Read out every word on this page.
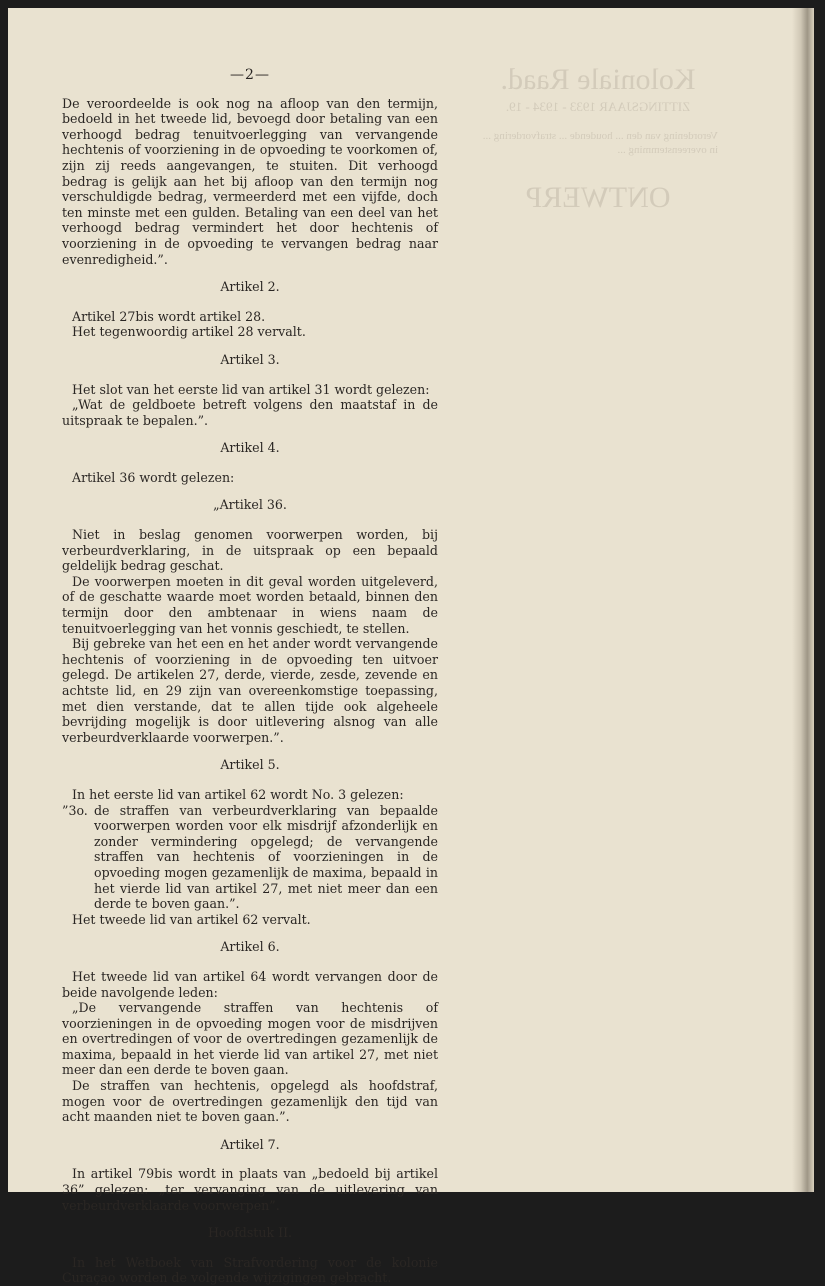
Koloniale Raad.
ZITTINGSJAAR 1933 - 1934 - 19.
Verordening van den ... houdende ... strafvordering ... in overeenstemming ...
ONTWERP
—2—

De veroordeelde is ook nog na afloop van den termijn, bedoeld in het tweede lid, bevoegd door betaling van een verhoogd bedrag tenuitvoerlegging van vervangende hechtenis of voorziening in de opvoeding te voorkomen of, zijn zij reeds aangevangen, te stuiten. Dit verhoogd bedrag is gelijk aan het bij afloop van den termijn nog verschuldigde bedrag, vermeerderd met een vijfde, doch ten minste met een gulden. Betaling van een deel van het verhoogd bedrag vermindert het door hechtenis of voorziening in de opvoeding te vervangen bedrag naar evenredigheid.”.

Artikel 2.

Artikel 27bis wordt artikel 28.

Het tegenwoordig artikel 28 vervalt.

Artikel 3.

Het slot van het eerste lid van artikel 31 wordt gelezen:

„Wat de geldboete betreft volgens den maatstaf in de uitspraak te bepalen.”.

Artikel 4.

Artikel 36 wordt gelezen:

„Artikel 36.

Niet in beslag genomen voorwerpen worden, bij verbeurdverklaring, in de uitspraak op een bepaald geldelijk bedrag geschat.

De voorwerpen moeten in dit geval worden uitgeleverd, of de geschatte waarde moet worden betaald, binnen den termijn door den ambtenaar in wiens naam de tenuitvoerlegging van het vonnis geschiedt, te stellen.

Bij gebreke van het een en het ander wordt vervangende hechtenis of voorziening in de opvoeding ten uitvoer gelegd. De artikelen 27, derde, vierde, zesde, zevende en achtste lid, en 29 zijn van overeenkomstige toepassing, met dien verstande, dat te allen tijde ook algeheele bevrijding mogelijk is door uitlevering alsnog van alle verbeurdverklaarde voorwerpen.”.

Artikel 5.

In het eerste lid van artikel 62 wordt No. 3 gelezen:

”3o. de straffen van verbeurdverklaring van bepaalde voorwerpen worden voor elk misdrijf afzonderlijk en zonder vermindering opgelegd; de vervangende straffen van hechtenis of voorzieningen in de opvoeding mogen gezamenlijk de maxima, bepaald in het vierde lid van artikel 27, met niet meer dan een derde te boven gaan.”.

Het tweede lid van artikel 62 vervalt.

Artikel 6.

Het tweede lid van artikel 64 wordt vervangen door de beide navolgende leden:

„De vervangende straffen van hechtenis of voorzieningen in de opvoeding mogen voor de misdrijven en overtredingen of voor de overtredingen gezamenlijk de maxima, bepaald in het vierde lid van artikel 27, met niet meer dan een derde te boven gaan.

De straffen van hechtenis, opgelegd als hoofdstraf, mogen voor de overtredingen gezamenlijk den tijd van acht maanden niet te boven gaan.”.

Artikel 7.

In artikel 79bis wordt in plaats van „bedoeld bij artikel 36” gelezen: „ter vervanging van de uitlevering van verbeurdverklaarde voorwerpen”.

Hoofdstuk II.

In het Wetboek van Strafvordering voor de kolonie Curaçao worden de volgende wijzigingen gebracht.
